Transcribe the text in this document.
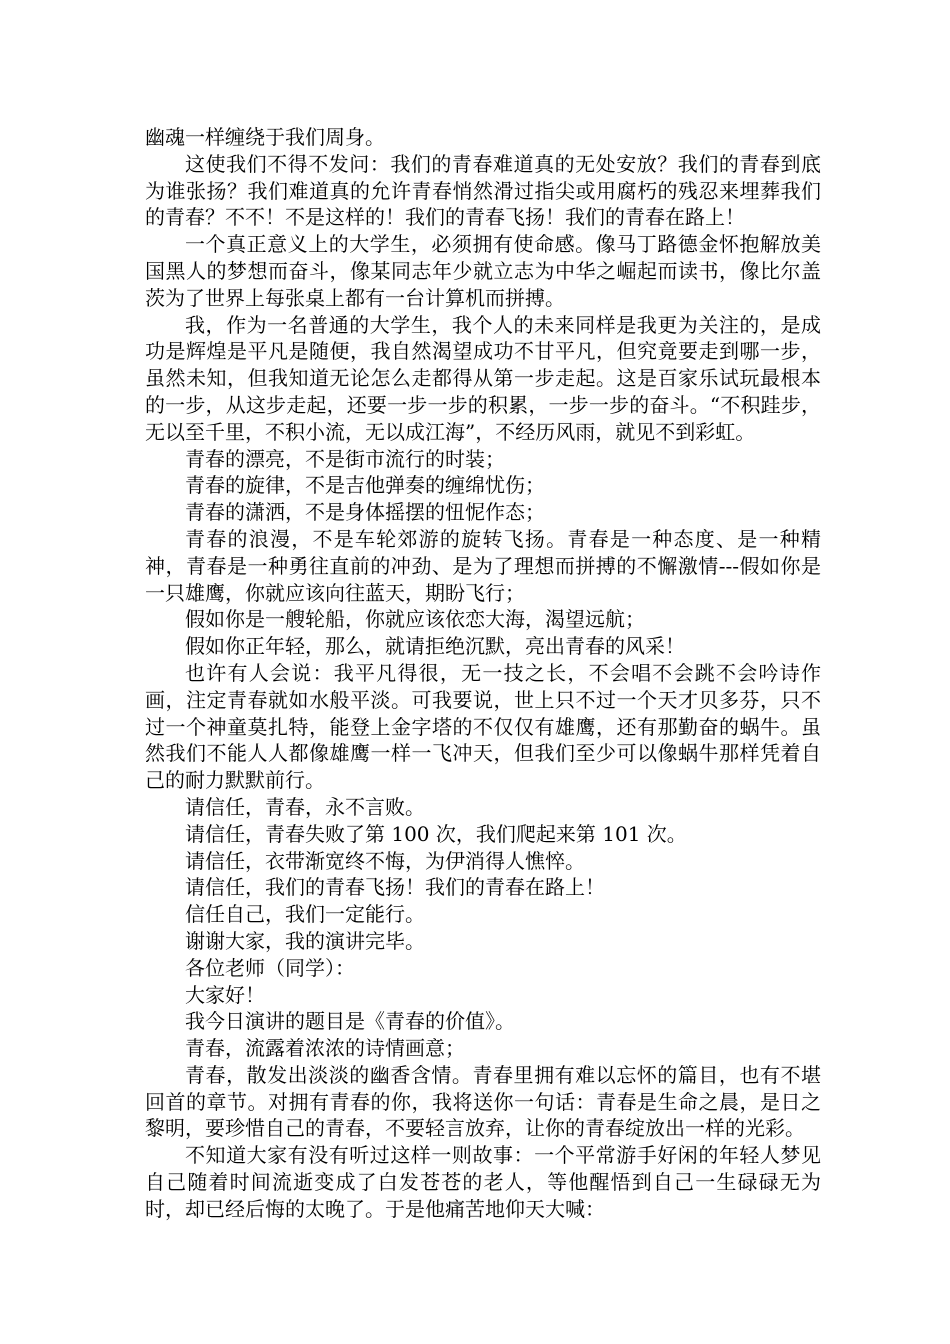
幽魂一样缠绕于我们周身。

这使我们不得不发问：我们的青春难道真的无处安放？我们的青春到底为谁张扬？我们难道真的允许青春悄然滑过指尖或用腐朽的残忍来埋葬我们的青春？不不！不是这样的！我们的青春飞扬！我们的青春在路上！

一个真正意义上的大学生，必须拥有使命感。像马丁路德金怀抱解放美国黑人的梦想而奋斗，像某同志年少就立志为中华之崛起而读书，像比尔盖茨为了世界上每张桌上都有一台计算机而拼搏。

我，作为一名普通的大学生，我个人的未来同样是我更为关注的，是成功是辉煌是平凡是随便，我自然渴望成功不甘平凡，但究竟要走到哪一步，虽然未知，但我知道无论怎么走都得从第一步走起。这是百家乐试玩最根本的一步，从这步走起，还要一步一步的积累，一步一步的奋斗。“不积跬步，无以至千里，不积小流，无以成江海”，不经历风雨，就见不到彩虹。

青春的漂亮，不是街市流行的时装；

青春的旋律，不是吉他弹奏的缠绵忧伤；

青春的潇洒，不是身体摇摆的忸怩作态；

青春的浪漫，不是车轮郊游的旋转飞扬。青春是一种态度、是一种精神，青春是一种勇往直前的冲劲、是为了理想而拼搏的不懈激情---假如你是一只雄鹰，你就应该向往蓝天，期盼飞行；

假如你是一艘轮船，你就应该依恋大海，渴望远航；

假如你正年轻，那么，就请拒绝沉默，亮出青春的风采！

也许有人会说：我平凡得很，无一技之长，不会唱不会跳不会吟诗作画，注定青春就如水般平淡。可我要说，世上只不过一个天才贝多芬，只不过一个神童莫扎特，能登上金字塔的不仅仅有雄鹰，还有那勤奋的蜗牛。虽然我们不能人人都像雄鹰一样一飞冲天，但我们至少可以像蜗牛那样凭着自己的耐力默默前行。

请信任，青春，永不言败。

请信任，青春失败了第 100 次，我们爬起来第 101 次。

请信任，衣带渐宽终不悔，为伊消得人憔悴。

请信任，我们的青春飞扬！我们的青春在路上！

信任自己，我们一定能行。

谢谢大家，我的演讲完毕。

各位老师（同学）：

大家好！

我今日演讲的题目是《青春的价值》。

青春，流露着浓浓的诗情画意；

青春，散发出淡淡的幽香含情。青春里拥有难以忘怀的篇目，也有不堪回首的章节。对拥有青春的你，我将送你一句话：青春是生命之晨，是日之黎明，要珍惜自己的青春，不要轻言放弃，让你的青春绽放出一样的光彩。

不知道大家有没有听过这样一则故事：一个平常游手好闲的年轻人梦见自己随着时间流逝变成了白发苍苍的老人，等他醒悟到自己一生碌碌无为时，却已经后悔的太晚了。于是他痛苦地仰天大喊：
